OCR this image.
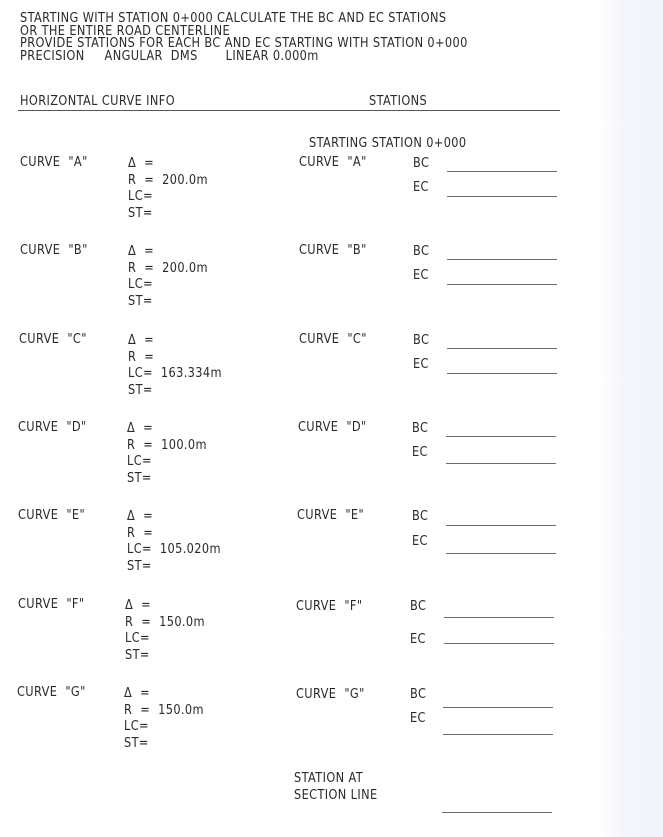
STARTING WITH STATION 0+000 CALCULATE THE BC AND EC STATIONS
OR THE ENTIRE ROAD CENTERLINE
PROVIDE STATIONS FOR EACH BC AND EC STARTING WITH STATION 0+000
PRECISION     ANGULAR  DMS       LINEAR 0.000m
HORIZONTAL CURVE INFO	STATIONS
STARTING STATION 0+000
CURVE  "A"	Δ  =
R  =  200.0m
LC=
ST=
CURVE  "A"	BC
EC
CURVE  "B"	Δ  =
R  =  200.0m
LC=
ST=
CURVE  "B"	BC
EC
CURVE  "C"	Δ  =
R  =
LC=  163.334m
ST=
CURVE  "C"	BC
EC
CURVE  "D"	Δ  =
R  =  100.0m
LC=
ST=
CURVE  "D"	BC
EC
CURVE  "E"	Δ  =
R  =
LC=  105.020m
ST=
CURVE  "E"	BC
EC
CURVE  "F"	Δ  =
R  =  150.0m
LC=
ST=
CURVE  "F"	BC
EC
CURVE  "G"	Δ  =
R  =  150.0m
LC=
ST=
CURVE  "G"	BC
EC
STATION AT
SECTION LINE
